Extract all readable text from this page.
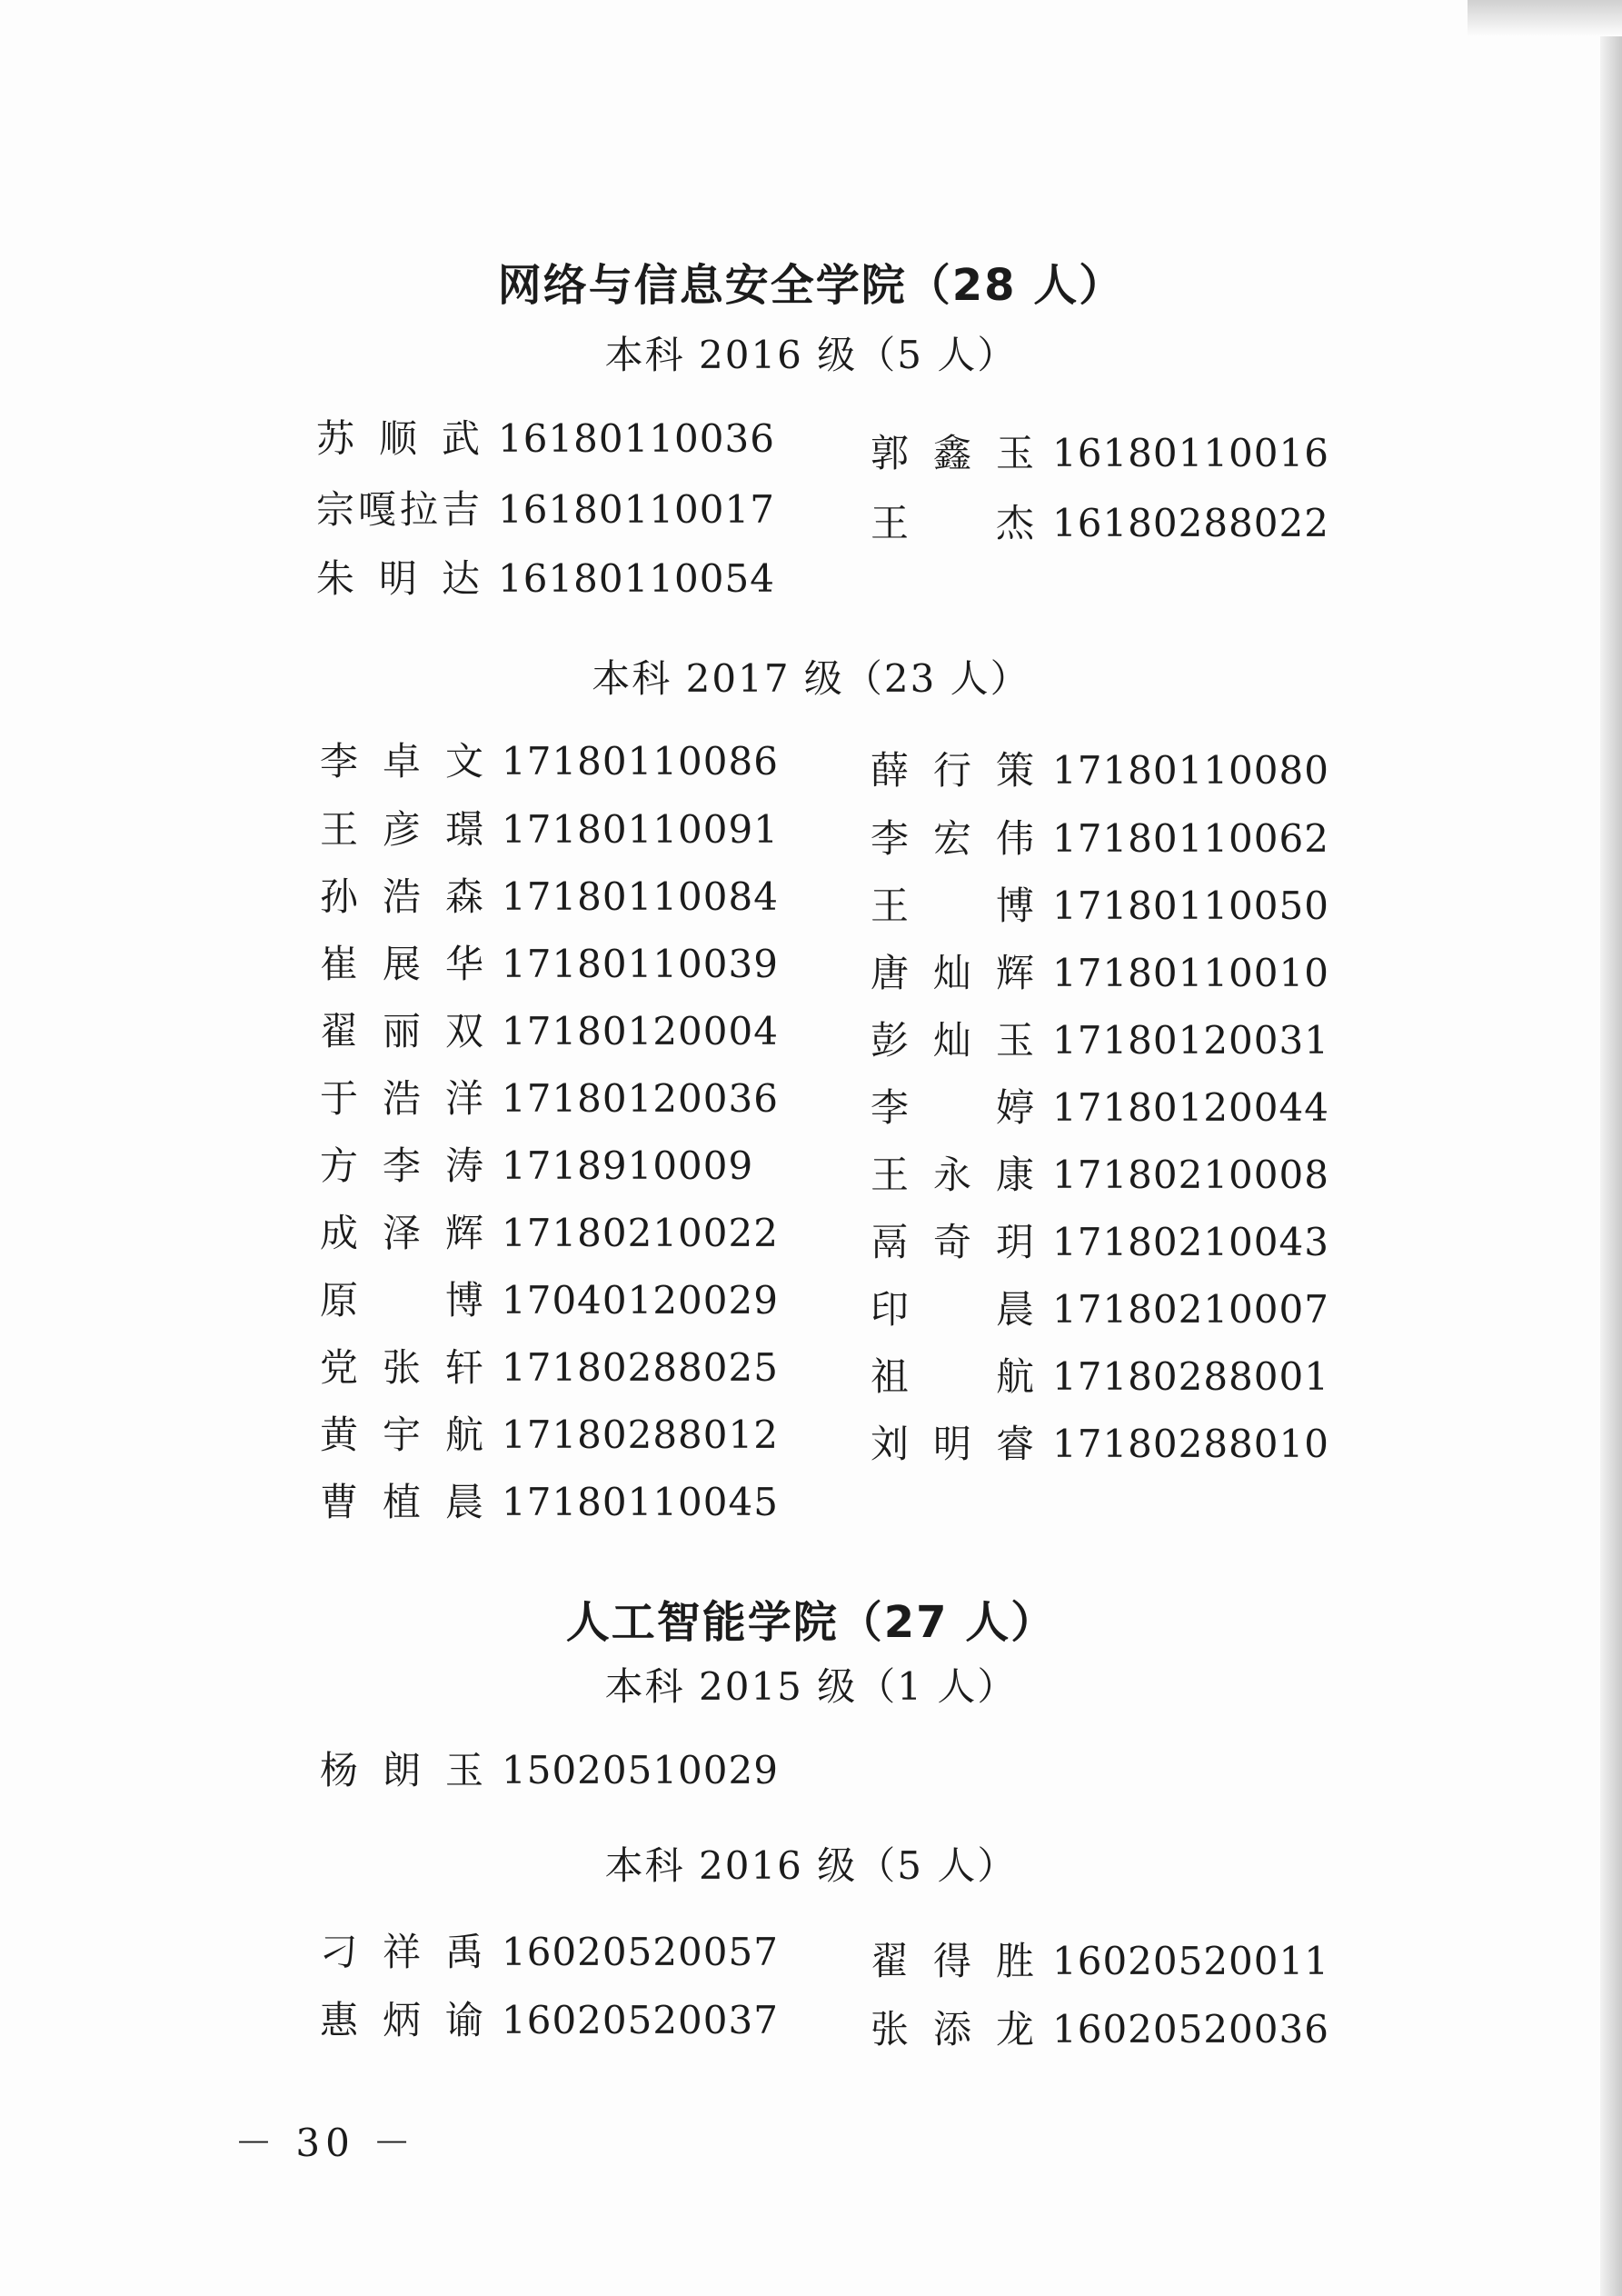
网络与信息安全学院（28 人）
本科 2016 级（5 人）
苏顺武 16180110036
宗嘎拉吉 16180110017
朱明达 16180110054
郭鑫玉 16180110016
王杰 16180288022
本科 2017 级（23 人）
李卓文 17180110086
王彦璟 17180110091
孙浩森 17180110084
崔展华 17180110039
翟丽双 17180120004
于浩洋 17180120036
方李涛 1718910009
成泽辉 17180210022
原博 17040120029
党张轩 17180288025
黄宇航 17180288012
曹植晨 17180110045
薛行策 17180110080
李宏伟 17180110062
王博 17180110050
唐灿辉 17180110010
彭灿玉 17180120031
李婷 17180120044
王永康 17180210008
鬲奇玥 17180210043
印晨 17180210007
祖航 17180288001
刘明睿 17180288010
人工智能学院（27 人）
本科 2015 级（1 人）
杨朗玉 15020510029
本科 2016 级（5 人）
刁祥禹 16020520057
惠炳谕 16020520037
翟得胜 16020520011
张添龙 16020520036
－ 30 －
